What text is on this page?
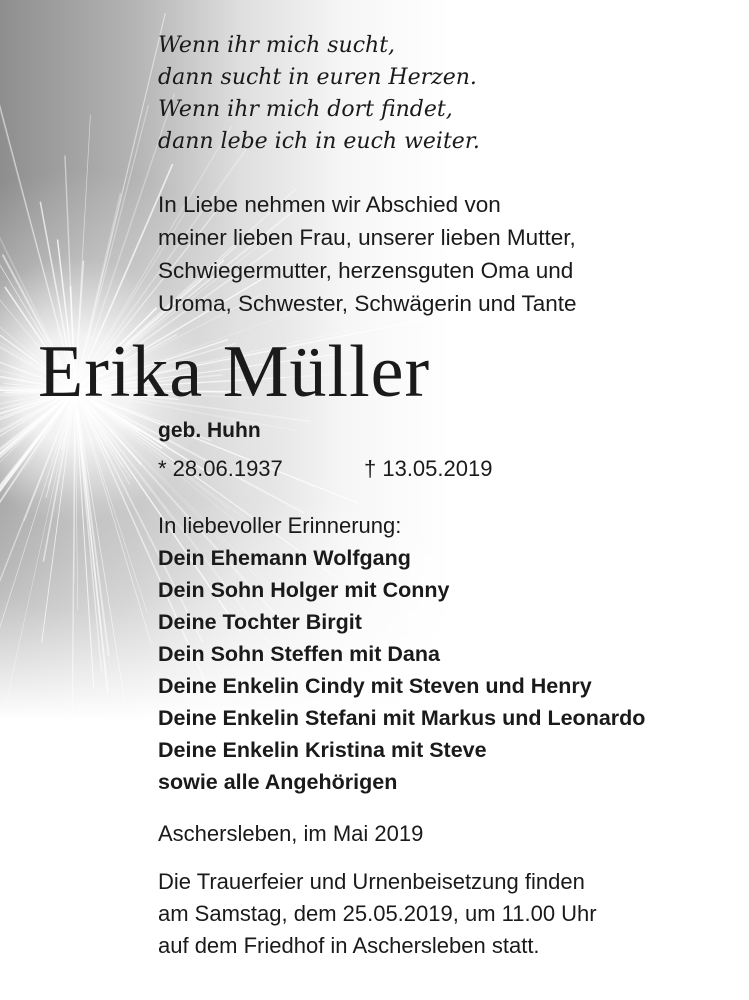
Wenn ihr mich sucht,
dann sucht in euren Herzen.
Wenn ihr mich dort findet,
dann lebe ich in euch weiter.
In Liebe nehmen wir Abschied von
meiner lieben Frau, unserer lieben Mutter,
Schwiegermutter, herzensguten Oma und
Uroma, Schwester, Schwägerin und Tante
Erika Müller
geb. Huhn
* 28.06.1937	† 13.05.2019
In liebevoller Erinnerung:
Dein Ehemann Wolfgang
Dein Sohn Holger mit Conny
Deine Tochter Birgit
Dein Sohn Steffen mit Dana
Deine Enkelin Cindy mit Steven und Henry
Deine Enkelin Stefani mit Markus und Leonardo
Deine Enkelin Kristina mit Steve
sowie alle Angehörigen
Aschersleben, im Mai 2019
Die Trauerfeier und Urnenbeisetzung finden
am Samstag, dem 25.05.2019, um 11.00 Uhr
auf dem Friedhof in Aschersleben statt.
